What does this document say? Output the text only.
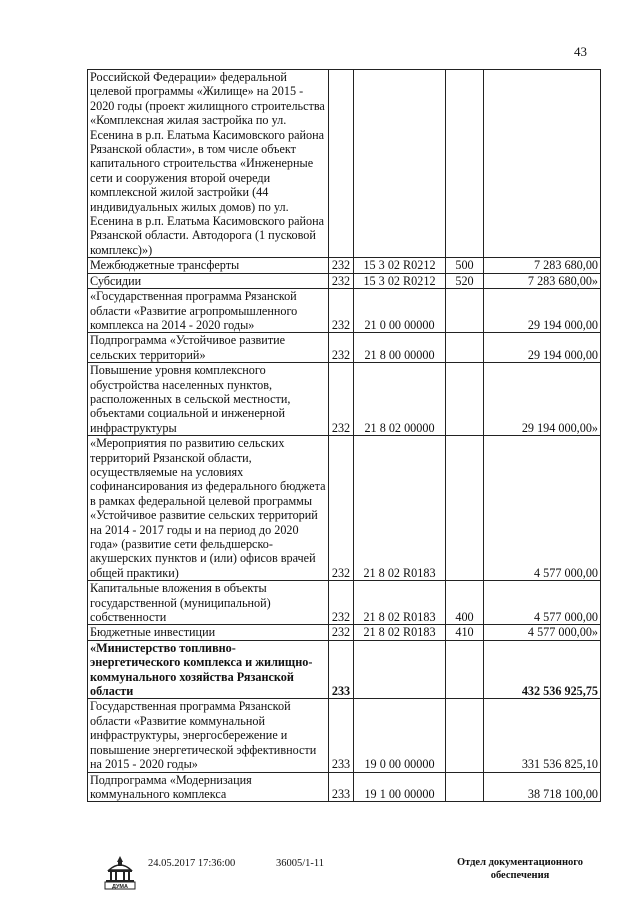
43
Российской Федерации» федеральной целевой программы «Жилище» на 2015 - 2020 годы (проект жилищного строительства «Комплексная жилая застройка по ул. Есенина в р.п. Елатьма Касимовского района Рязанской области», в том числе объект капитального строительства «Инженерные сети и сооружения второй очереди комплексной жилой застройки (44 индивидуальных жилых домов) по ул. Есенина в р.п. Елатьма Касимовского района Рязанской области. Автодорога (1 пусковой комплекс)»)				
Межбюджетные трансферты	232	15 3 02 R0212	500	7 283 680,00
Субсидии	232	15 3 02 R0212	520	7 283 680,00»
«Государственная программа Рязанской области «Развитие агропромышленного комплекса на 2014 - 2020 годы»	232	21 0 00 00000		29 194 000,00
Подпрограмма «Устойчивое развитие сельских территорий»	232	21 8 00 00000		29 194 000,00
Повышение уровня комплексного обустройства населенных пунктов, расположенных в сельской местности, объектами социальной и инженерной инфраструктуры	232	21 8 02 00000		29 194 000,00»
«Мероприятия по развитию сельских территорий Рязанской области, осуществляемые на условиях софинансирования из федерального бюджета в рамках федеральной целевой программы «Устойчивое развитие сельских территорий на 2014 - 2017 годы и на период до 2020 года» (развитие сети фельдшерско-акушерских пунктов и (или) офисов врачей общей практики)	232	21 8 02 R0183		4 577 000,00
Капитальные вложения в объекты государственной (муниципальной) собственности	232	21 8 02 R0183	400	4 577 000,00
Бюджетные инвестиции	232	21 8 02 R0183	410	4 577 000,00»
«Министерство топливно-энергетического комплекса и жилищно-коммунального хозяйства Рязанской области	233			432 536 925,75
Государственная программа Рязанской области «Развитие коммунальной инфраструктуры, энергосбережение и повышение энергетической эффективности на 2015 - 2020 годы»	233	19 0 00 00000		331 536 825,10
Подпрограмма «Модернизация коммунального комплекса	233	19 1 00 00000		38 718 100,00
ДУМА
24.05.2017 17:36:00	36005/1-11	Отдел документационного обеспечения
